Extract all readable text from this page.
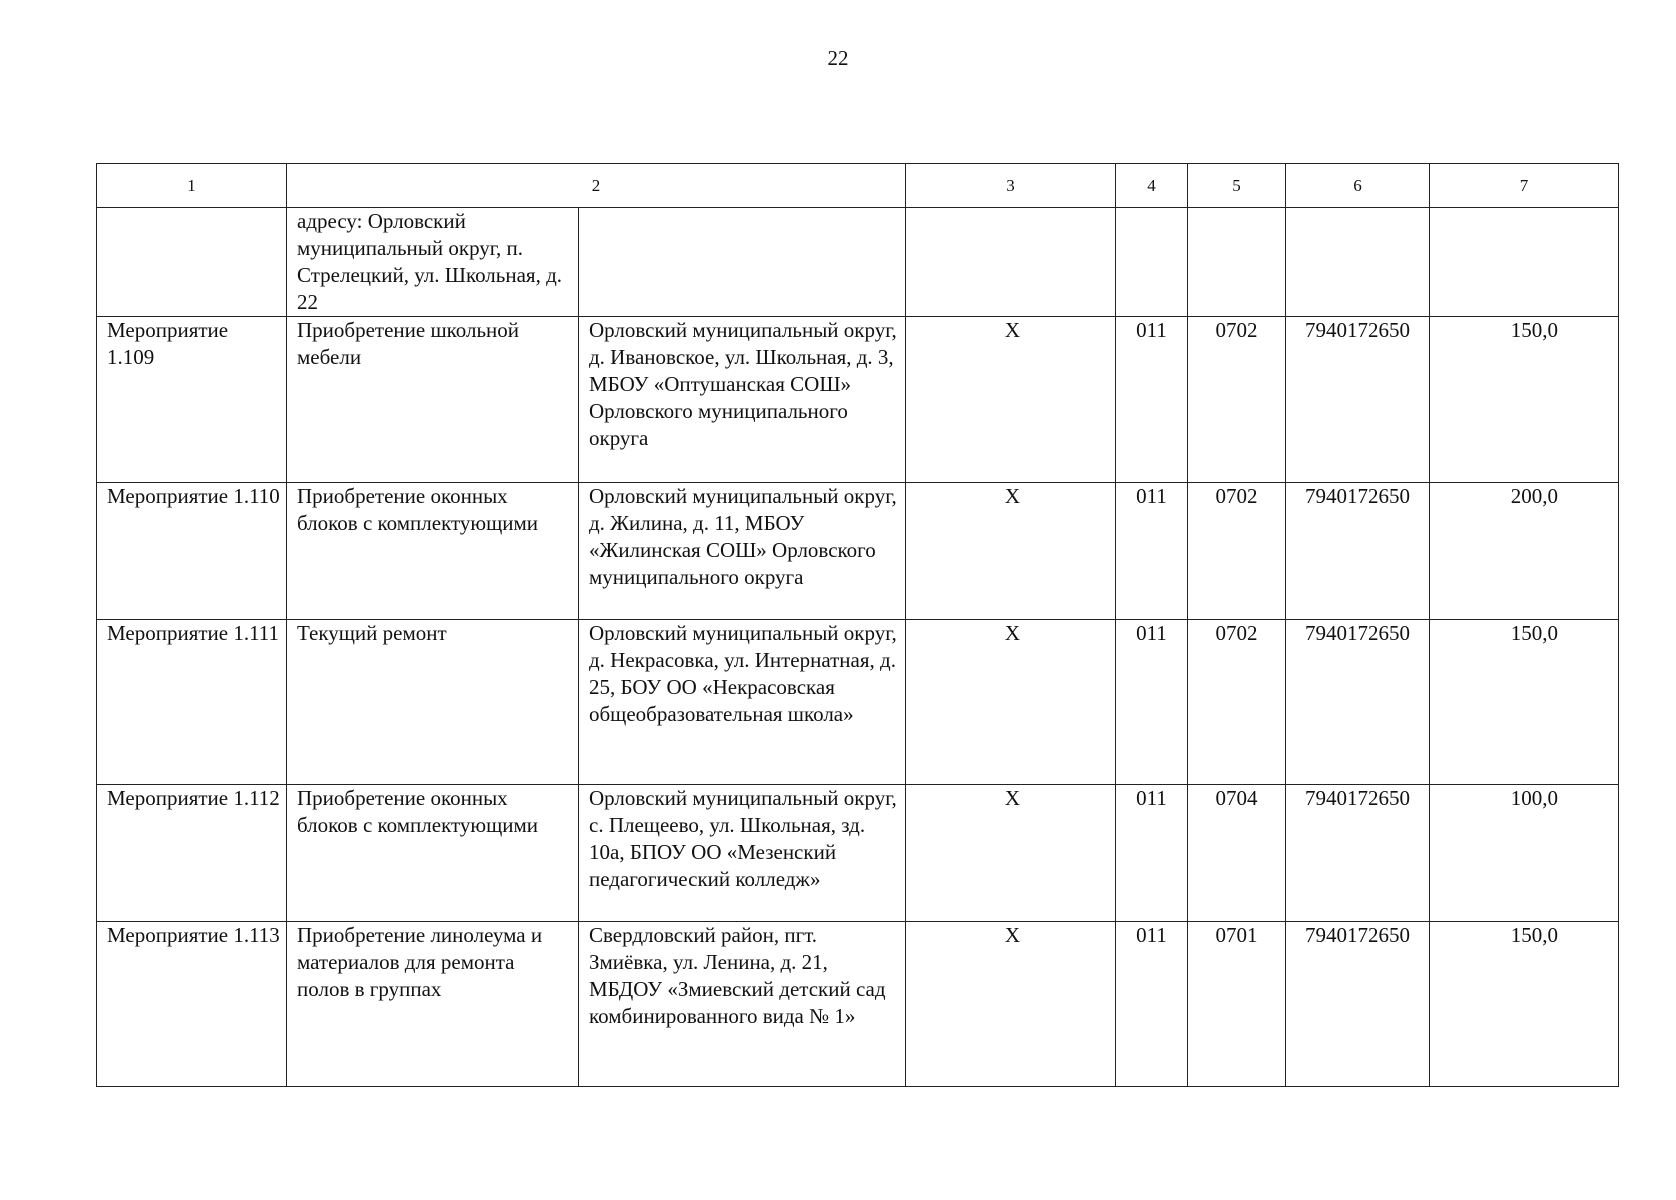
22
1	2		3	4	5	6	7
	адресу: Орловский муниципальный округ, п. Стрелецкий, ул. Школьная, д. 22						
Мероприятие 1.109	Приобретение школьной мебели	Орловский муниципальный округ, д. Ивановское, ул. Школьная, д. 3, МБОУ «Оптушанская СОШ» Орловского муниципального округа	Х	011	0702	7940172650	150,0
Мероприятие 1.110	Приобретение оконных блоков с комплектующими	Орловский муниципальный округ, д. Жилина, д. 11, МБОУ «Жилинская СОШ» Орловского муниципального округа	Х	011	0702	7940172650	200,0
Мероприятие 1.111	Текущий ремонт	Орловский муниципальный округ, д. Некрасовка, ул. Интернатная, д. 25, БОУ ОО «Некрасовская общеобразовательная школа»	Х	011	0702	7940172650	150,0
Мероприятие 1.112	Приобретение оконных блоков с комплектующими	Орловский муниципальный округ, с. Плещеево, ул. Школьная, зд. 10а, БПОУ ОО «Мезенский педагогический колледж»	Х	011	0704	7940172650	100,0
Мероприятие 1.113	Приобретение линолеума и материалов для ремонта полов в группах	Свердловский район, пгт. Змиёвка, ул. Ленина, д. 21, МБДОУ «Змиевский детский сад комбинированного вида № 1»	Х	011	0701	7940172650	150,0
